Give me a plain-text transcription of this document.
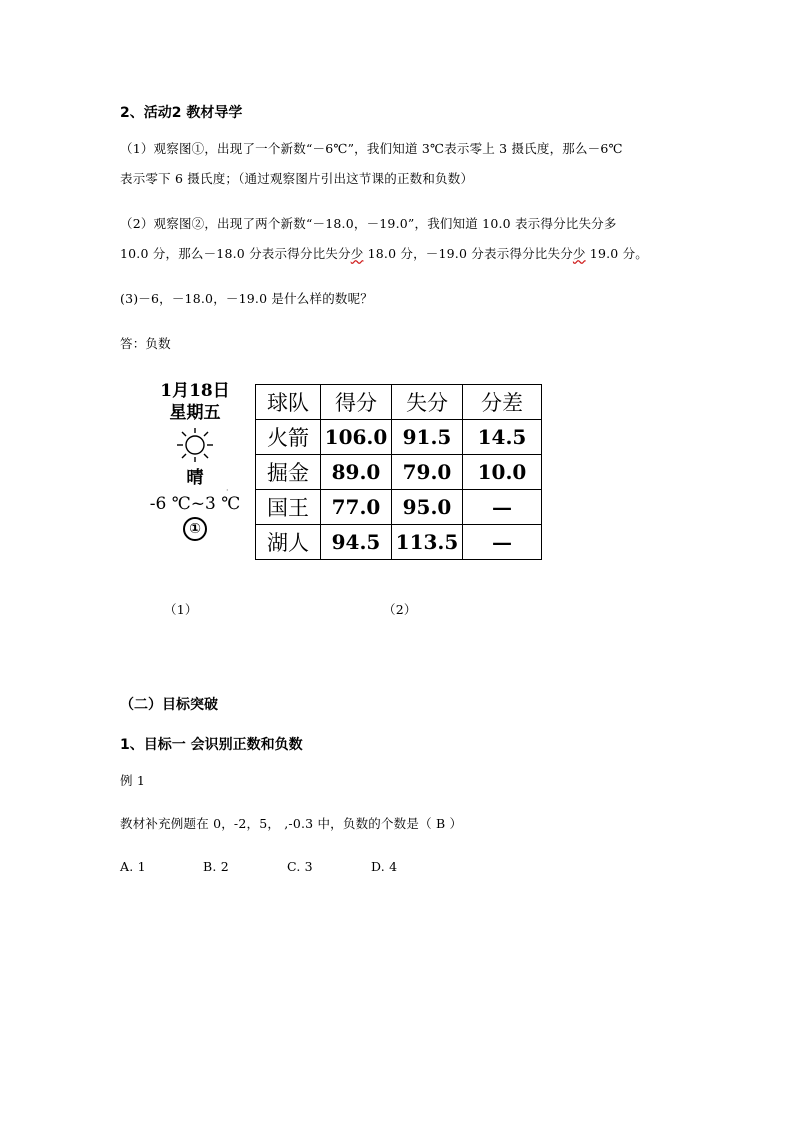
2、活动2 教材导学
（1）观察图①，出现了一个新数“－6℃”，我们知道 3℃表示零上 3 摄氏度，那么－6℃
表示零下 6 摄氏度；（通过观察图片引出这节课的正数和负数）
（2）观察图②，出现了两个新数“－18.0，－19.0”，我们知道 10.0 表示得分比失分多
10.0 分，那么－18.0 分表示得分比失分少 18.0 分，－19.0 分表示得分比失分少 19.0 分。
(3)－6，－18.0，－19.0 是什么样的数呢？
答：负数
1月18日
星期五
晴
-6 ℃~3 ℃
①
球队	得分	失分	分差
火箭	106.0	91.5	14.5
掘金	89.0	79.0	10.0
国王	77.0	95.0	—
湖人	94.5	113.5	—
·
（1）	（2）
（二）目标突破
1、目标一 会识别正数和负数
例 1
教材补充例题在 0，-2，5， ,-0.3 中，负数的个数是（ B ）
A. 1	B. 2	C. 3	D. 4
